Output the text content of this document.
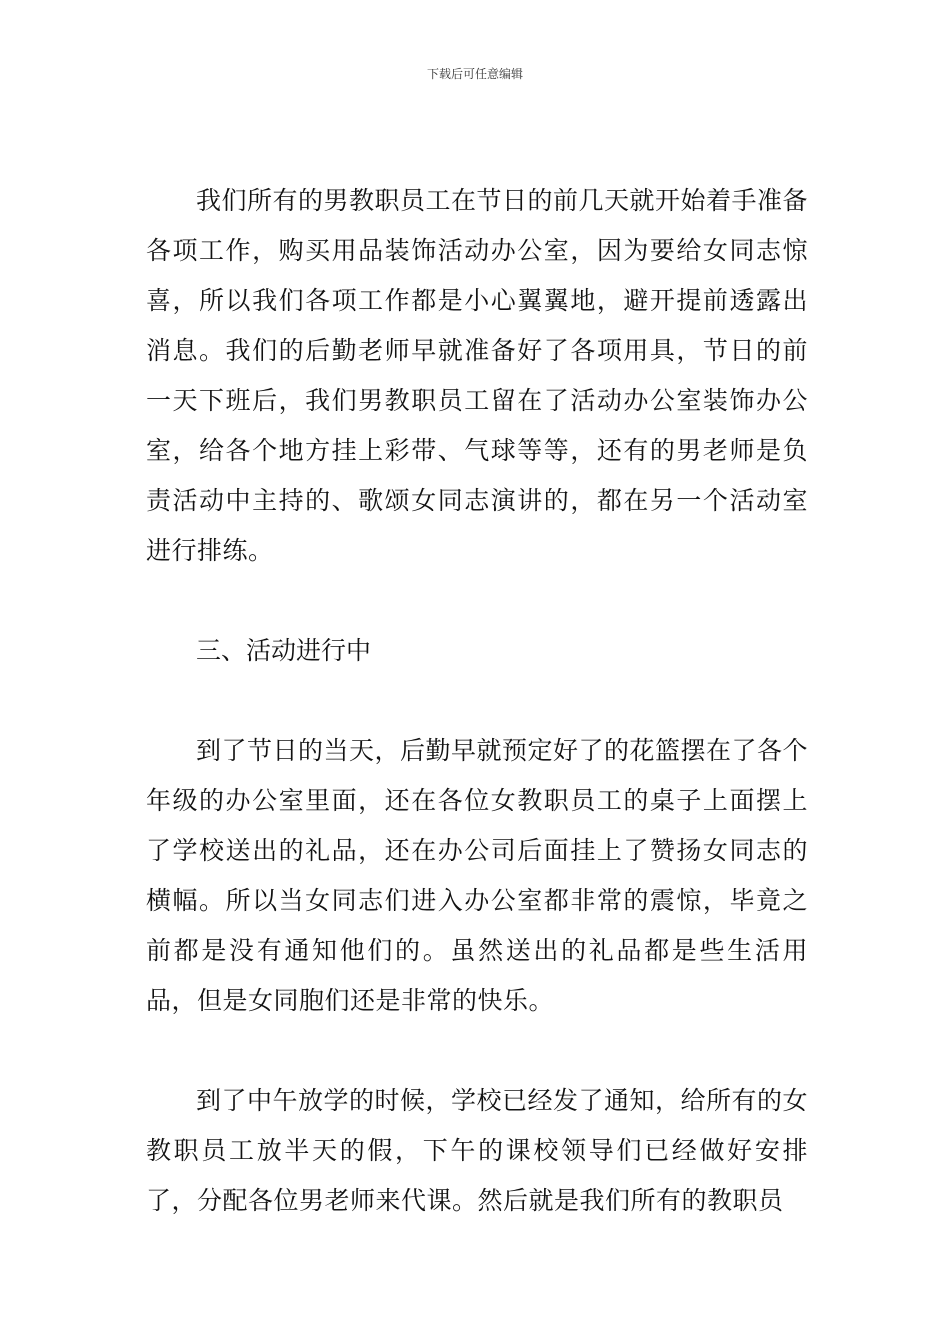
下载后可任意编辑

我们所有的男教职员工在节日的前几天就开始着手准备各项工作，购买用品装饰活动办公室，因为要给女同志惊喜，所以我们各项工作都是小心翼翼地，避开提前透露出消息。我们的后勤老师早就准备好了各项用具，节日的前一天下班后，我们男教职员工留在了活动办公室装饰办公室，给各个地方挂上彩带、气球等等，还有的男老师是负责活动中主持的、歌颂女同志演讲的，都在另一个活动室进行排练。

三、活动进行中

到了节日的当天，后勤早就预定好了的花篮摆在了各个年级的办公室里面，还在各位女教职员工的桌子上面摆上了学校送出的礼品，还在办公司后面挂上了赞扬女同志的横幅。所以当女同志们进入办公室都非常的震惊，毕竟之前都是没有通知他们的。虽然送出的礼品都是些生活用品，但是女同胞们还是非常的快乐。

到了中午放学的时候，学校已经发了通知，给所有的女教职员工放半天的假，下午的课校领导们已经做好安排了，分配各位男老师来代课。然后就是我们所有的教职员
